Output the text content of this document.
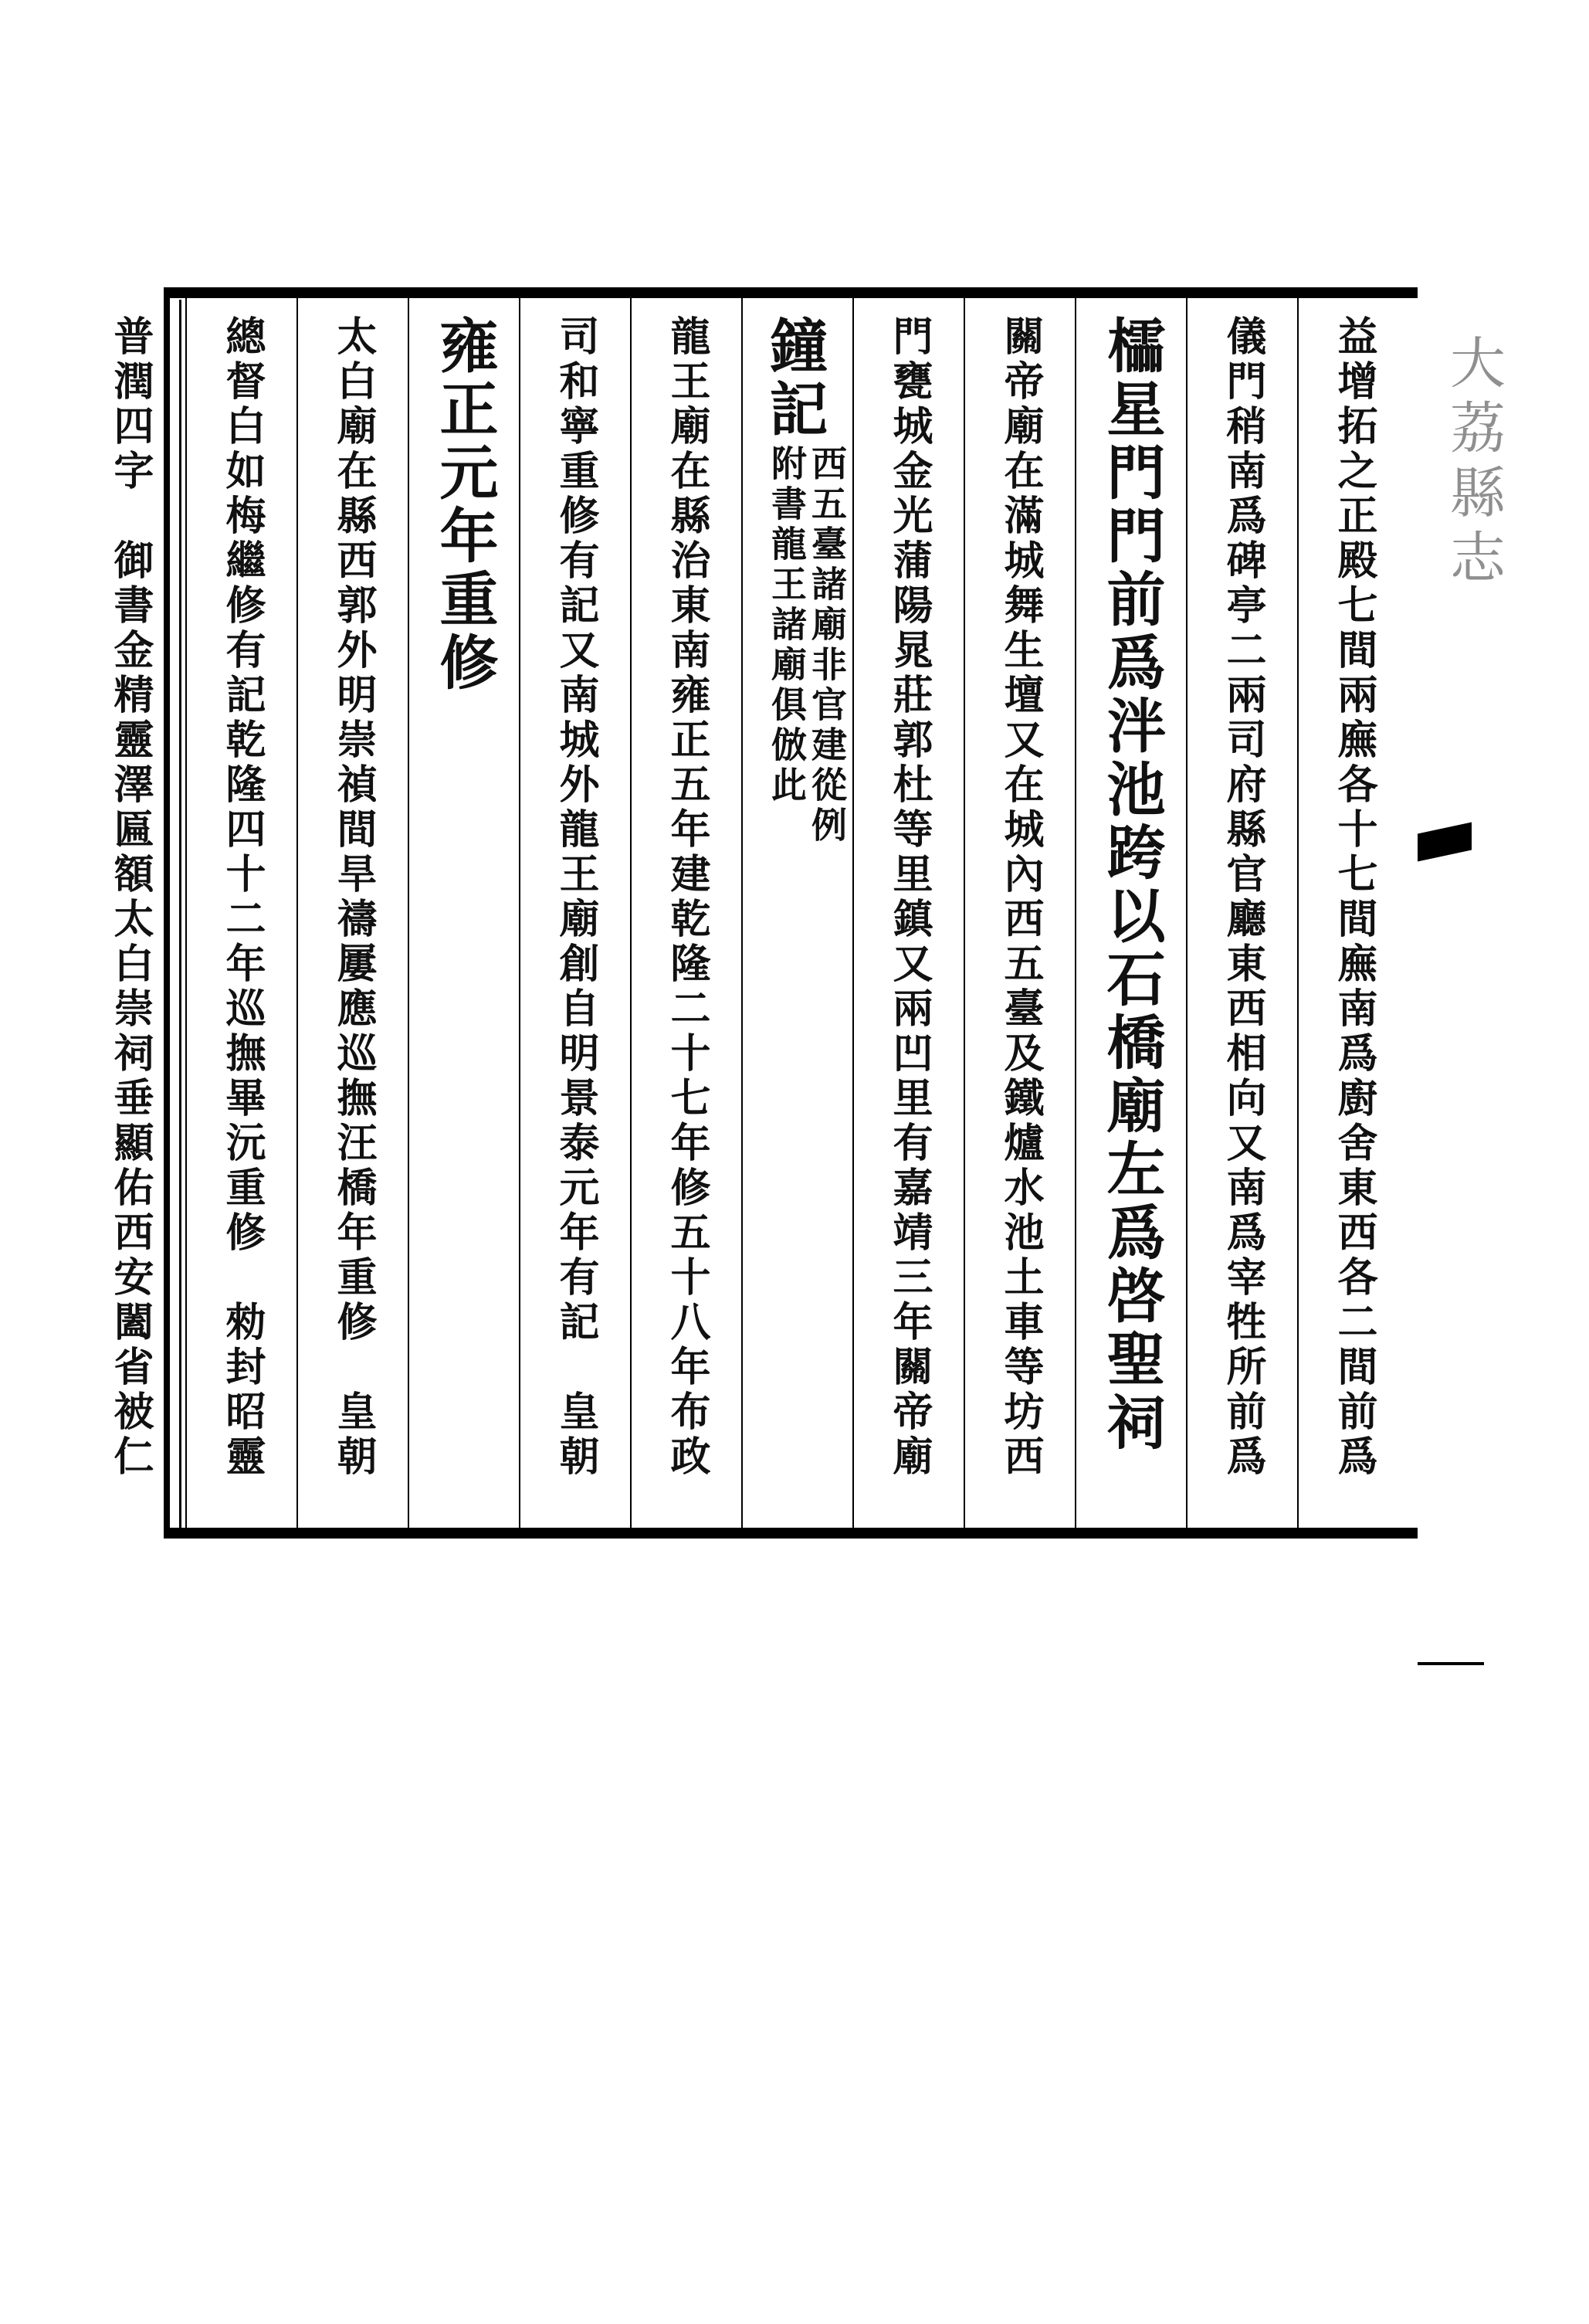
大荔縣志
益增拓之正殿七間兩廡各十七間廡南爲廚舍東西各二間前爲
儀門稍南爲碑亭二兩司府縣官廳東西相向又南爲宰牲所前爲
櫺星門門前爲泮池跨以石橋廟左爲啓聖祠
關帝廟在滿城舞生壇又在城內西五臺及鐵爐水池土車等坊西
門甕城金光蒲陽晁莊郭杜等里鎮又兩凹里有嘉靖三年關帝廟
鐘記
西五臺諸廟非官建從例
附書龍王諸廟俱倣此
龍王廟在縣治東南雍正五年建乾隆二十七年修五十八年布政
司和寧重修有記又南城外龍王廟創自明景泰元年有記　皇朝
雍正元年重修
太白廟在縣西郭外明崇禎間旱禱屢應巡撫汪橋年重修　皇朝
總督白如梅繼修有記乾隆四十二年巡撫畢沅重修　勑封昭靈
普潤四字　御書金精靈澤匾額太白崇祠垂顯佑西安闔省被仁
